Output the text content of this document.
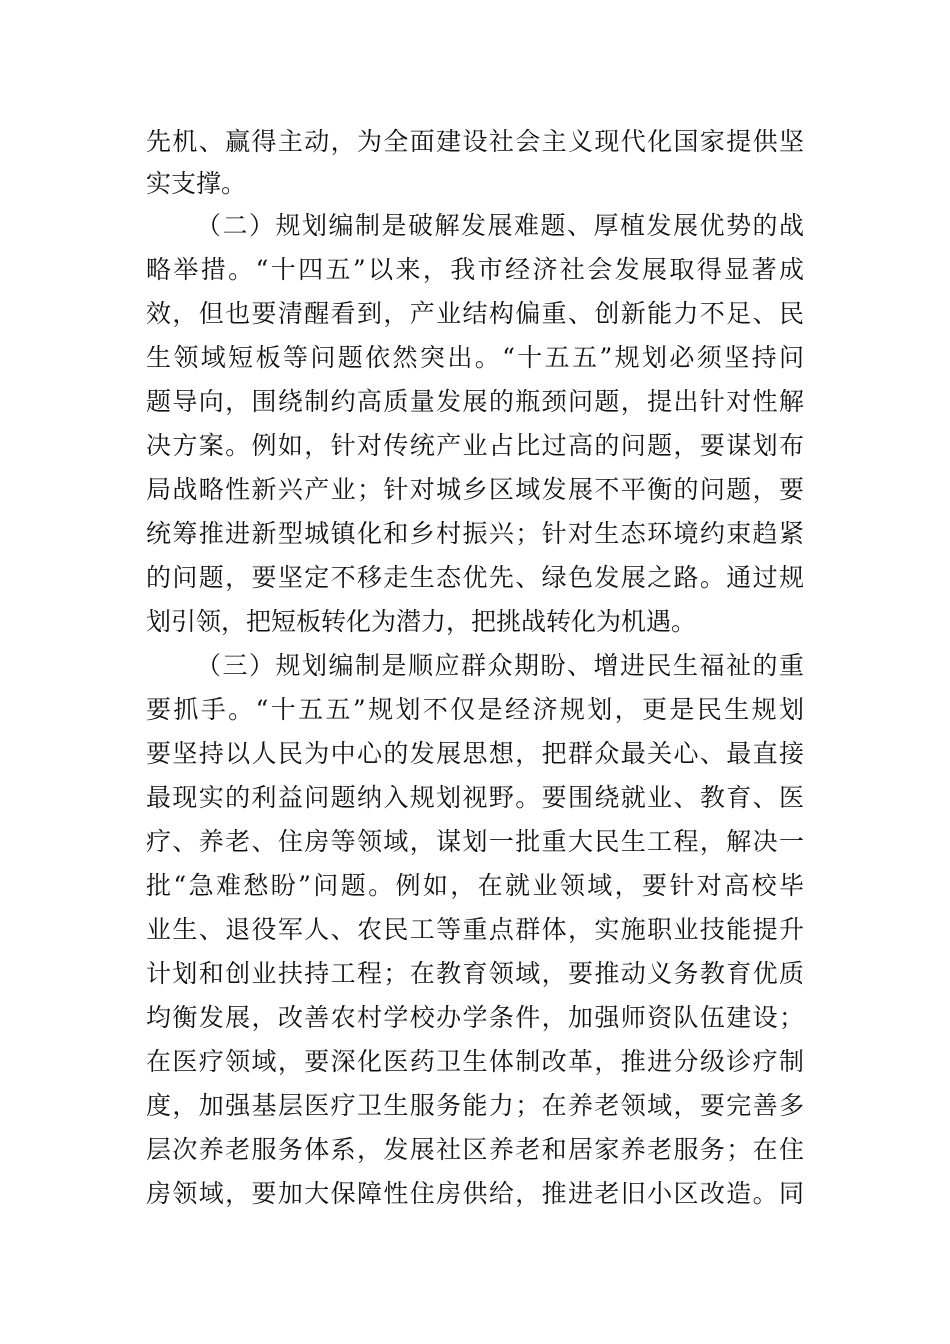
先机、赢得主动，为全面建设社会主义现代化国家提供坚
实支撑。
（二）规划编制是破解发展难题、厚植发展优势的战
略举措。“十四五”以来，我市经济社会发展取得显著成
效，但也要清醒看到，产业结构偏重、创新能力不足、民
生领域短板等问题依然突出。“十五五”规划必须坚持问
题导向，围绕制约高质量发展的瓶颈问题，提出针对性解
决方案。例如，针对传统产业占比过高的问题，要谋划布
局战略性新兴产业；针对城乡区域发展不平衡的问题，要
统筹推进新型城镇化和乡村振兴；针对生态环境约束趋紧
的问题，要坚定不移走生态优先、绿色发展之路。通过规
划引领，把短板转化为潜力，把挑战转化为机遇。
（三）规划编制是顺应群众期盼、增进民生福祉的重
要抓手。“十五五”规划不仅是经济规划，更是民生规划
要坚持以人民为中心的发展思想，把群众最关心、最直接
最现实的利益问题纳入规划视野。要围绕就业、教育、医
疗、养老、住房等领域，谋划一批重大民生工程，解决一
批“急难愁盼”问题。例如，在就业领域，要针对高校毕
业生、退役军人、农民工等重点群体，实施职业技能提升
计划和创业扶持工程；在教育领域，要推动义务教育优质
均衡发展，改善农村学校办学条件，加强师资队伍建设；
在医疗领域，要深化医药卫生体制改革，推进分级诊疗制
度，加强基层医疗卫生服务能力；在养老领域，要完善多
层次养老服务体系，发展社区养老和居家养老服务；在住
房领域，要加大保障性住房供给，推进老旧小区改造。同
